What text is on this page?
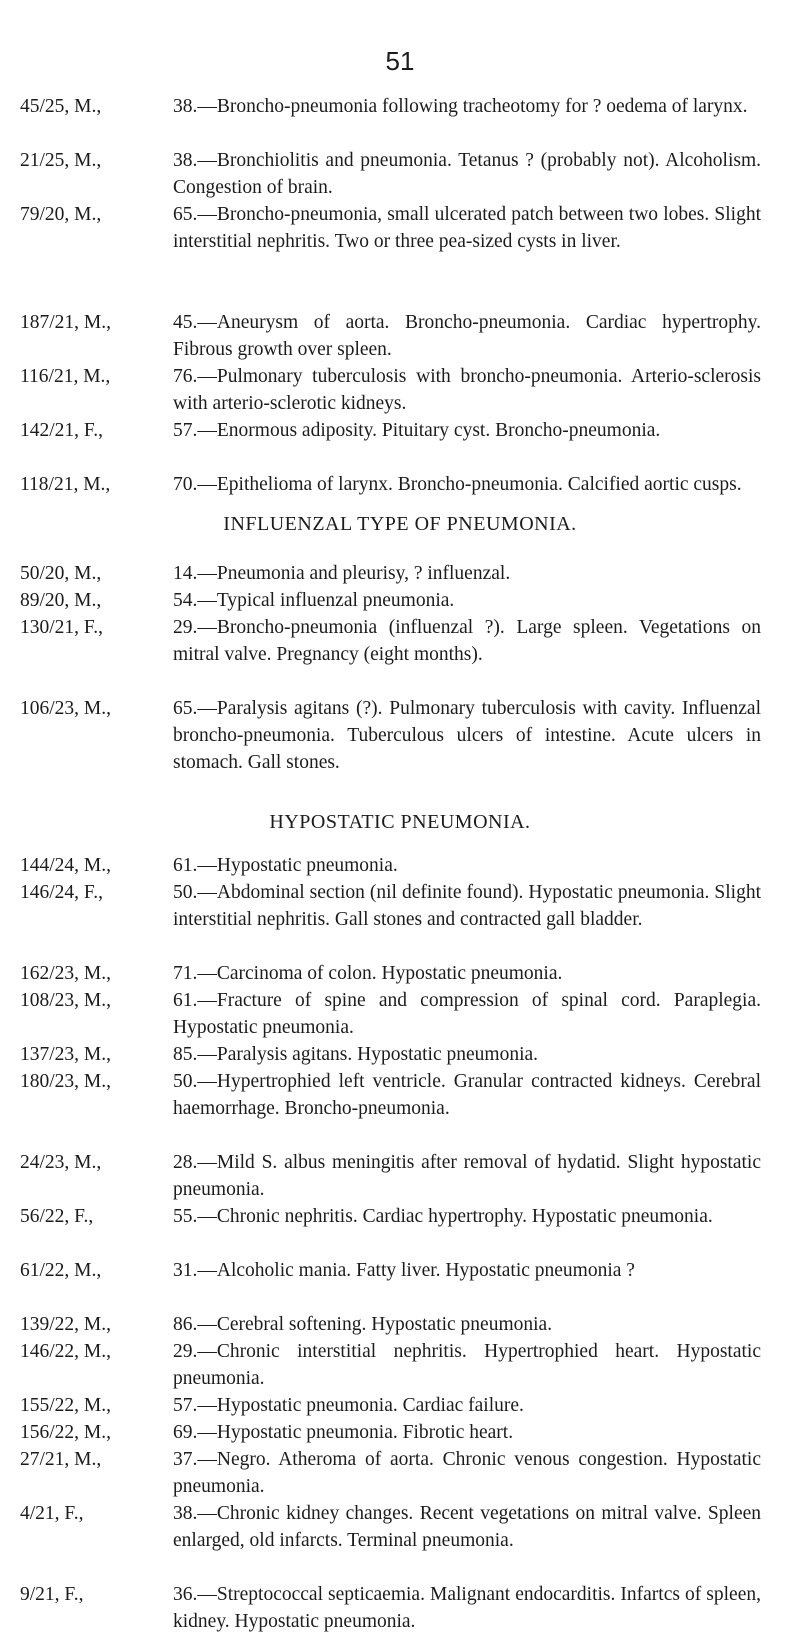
51
45/25, M.,	38.—Broncho-pneumonia following tracheotomy for ? oedema of larynx.
21/25, M.,	38.—Bronchiolitis and pneumonia. Tetanus ? (probably not). Alcoholism. Congestion of brain.
79/20, M.,	65.—Broncho-pneumonia, small ulcerated patch between two lobes. Slight interstitial nephritis. Two or three pea-sized cysts in liver.
187/21, M.,	45.—Aneurysm of aorta. Broncho-pneumonia. Cardiac hypertrophy. Fibrous growth over spleen.
116/21, M.,	76.—Pulmonary tuberculosis with broncho-pneumonia. Arterio-sclerosis with arterio-sclerotic kidneys.
142/21, F.,	57.—Enormous adiposity. Pituitary cyst. Broncho-pneumonia.
118/21, M.,	70.—Epithelioma of larynx. Broncho-pneumonia. Calcified aortic cusps.
INFLUENZAL TYPE OF PNEUMONIA.
50/20, M.,	14.—Pneumonia and pleurisy, ? influenzal.
89/20, M.,	54.—Typical influenzal pneumonia.
130/21, F.,	29.—Broncho-pneumonia (influenzal ?). Large spleen. Vegetations on mitral valve. Pregnancy (eight months).
106/23, M.,	65.—Paralysis agitans (?). Pulmonary tuberculosis with cavity. Influenzal broncho-pneumonia. Tuberculous ulcers of intestine. Acute ulcers in stomach. Gall stones.
HYPOSTATIC PNEUMONIA.
144/24, M.,	61.—Hypostatic pneumonia.
146/24, F.,	50.—Abdominal section (nil definite found). Hypostatic pneumonia. Slight interstitial nephritis. Gall stones and contracted gall bladder.
162/23, M.,	71.—Carcinoma of colon. Hypostatic pneumonia.
108/23, M.,	61.—Fracture of spine and compression of spinal cord. Paraplegia. Hypostatic pneumonia.
137/23, M.,	85.—Paralysis agitans. Hypostatic pneumonia.
180/23, M.,	50.—Hypertrophied left ventricle. Granular contracted kidneys. Cerebral haemorrhage. Broncho-pneumonia.
24/23, M.,	28.—Mild S. albus meningitis after removal of hydatid. Slight hypostatic pneumonia.
56/22, F.,	55.—Chronic nephritis. Cardiac hypertrophy. Hypostatic pneumonia.
61/22, M.,	31.—Alcoholic mania. Fatty liver. Hypostatic pneumonia ?
139/22, M.,	86.—Cerebral softening. Hypostatic pneumonia.
146/22, M.,	29.—Chronic interstitial nephritis. Hypertrophied heart. Hypostatic pneumonia.
155/22, M.,	57.—Hypostatic pneumonia. Cardiac failure.
156/22, M.,	69.—Hypostatic pneumonia. Fibrotic heart.
27/21, M.,	37.—Negro. Atheroma of aorta. Chronic venous congestion. Hypostatic pneumonia.
4/21, F.,	38.—Chronic kidney changes. Recent vegetations on mitral valve. Spleen enlarged, old infarcts. Terminal pneumonia.
9/21, F.,	36.—Streptococcal septicaemia. Malignant endocarditis. Infartcs of spleen, kidney. Hypostatic pneumonia.
